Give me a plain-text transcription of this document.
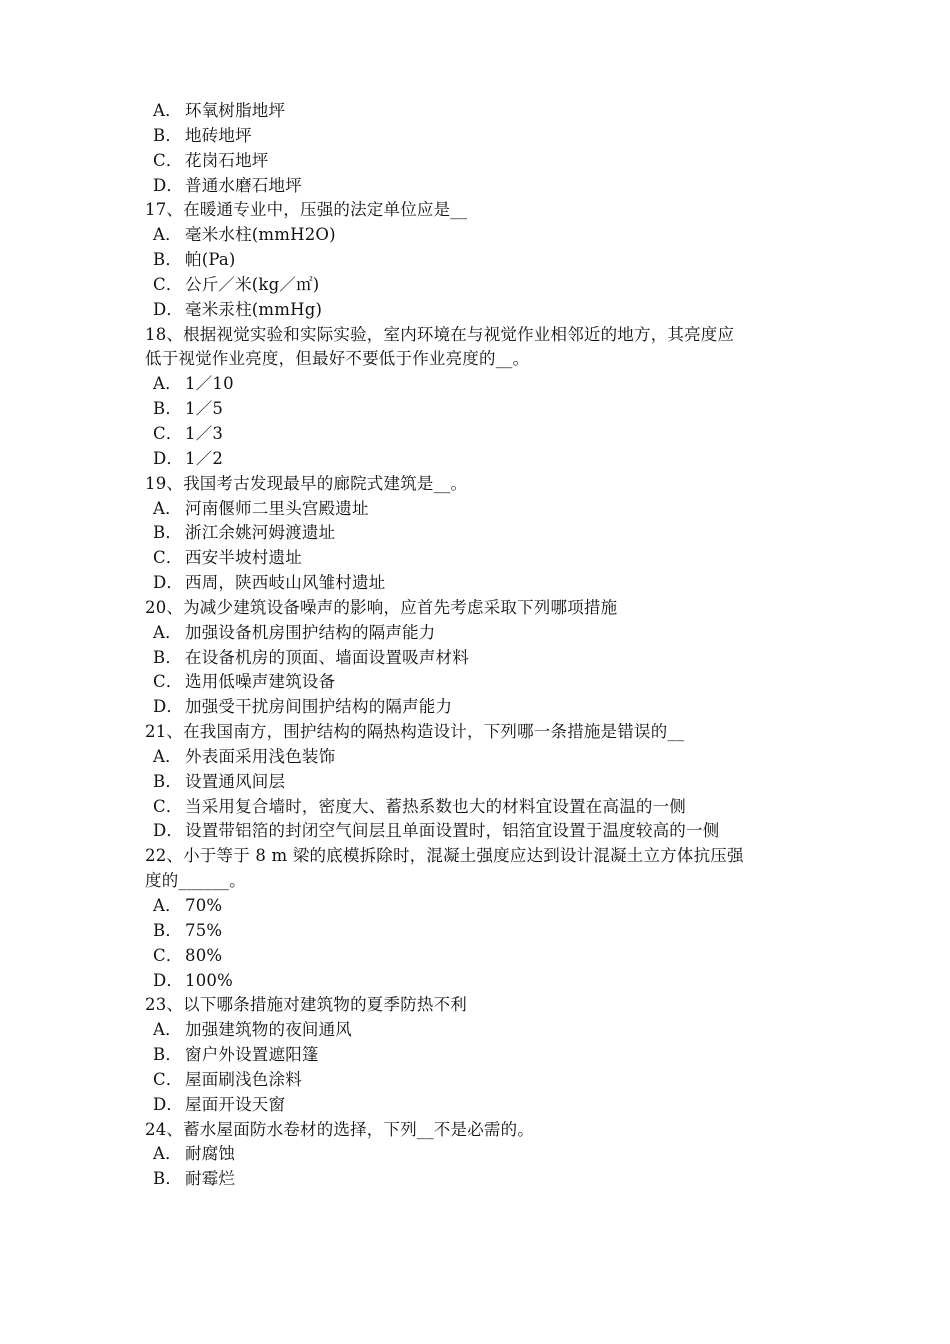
A． 环氧树脂地坪
B． 地砖地坪
C． 花岗石地坪
D． 普通水磨石地坪
17、在暖通专业中，压强的法定单位应是__
A． 毫米水柱(mmH2O)
B． 帕(Pa)
C． 公斤／米(kg／㎡)
D． 毫米汞柱(mmHg)
18、根据视觉实验和实际实验，室内环境在与视觉作业相邻近的地方，其亮度应
低于视觉作业亮度，但最好不要低于作业亮度的__。
A． 1／10
B． 1／5
C． 1／3
D． 1／2
19、我国考古发现最早的廊院式建筑是__。
A． 河南偃师二里头宫殿遗址
B． 浙江余姚河姆渡遗址
C． 西安半坡村遗址
D． 西周，陕西岐山风雏村遗址
20、为减少建筑设备噪声的影响，应首先考虑采取下列哪项措施
A． 加强设备机房围护结构的隔声能力
B． 在设备机房的顶面、墙面设置吸声材料
C． 选用低噪声建筑设备
D． 加强受干扰房间围护结构的隔声能力
21、在我国南方，围护结构的隔热构造设计，下列哪一条措施是错误的__
A． 外表面采用浅色装饰
B． 设置通风间层
C． 当采用复合墙时，密度大、蓄热系数也大的材料宜设置在高温的一侧
D． 设置带铝箔的封闭空气间层且单面设置时，铝箔宜设置于温度较高的一侧
22、小于等于 8 m 梁的底模拆除时，混凝土强度应达到设计混凝土立方体抗压强
度的______。
A． 70%
B． 75%
C． 80%
D． 100%
23、以下哪条措施对建筑物的夏季防热不利
A． 加强建筑物的夜间通风
B． 窗户外设置遮阳篷
C． 屋面刷浅色涂料
D． 屋面开设天窗
24、蓄水屋面防水卷材的选择，下列__不是必需的。
A． 耐腐蚀
B． 耐霉烂
